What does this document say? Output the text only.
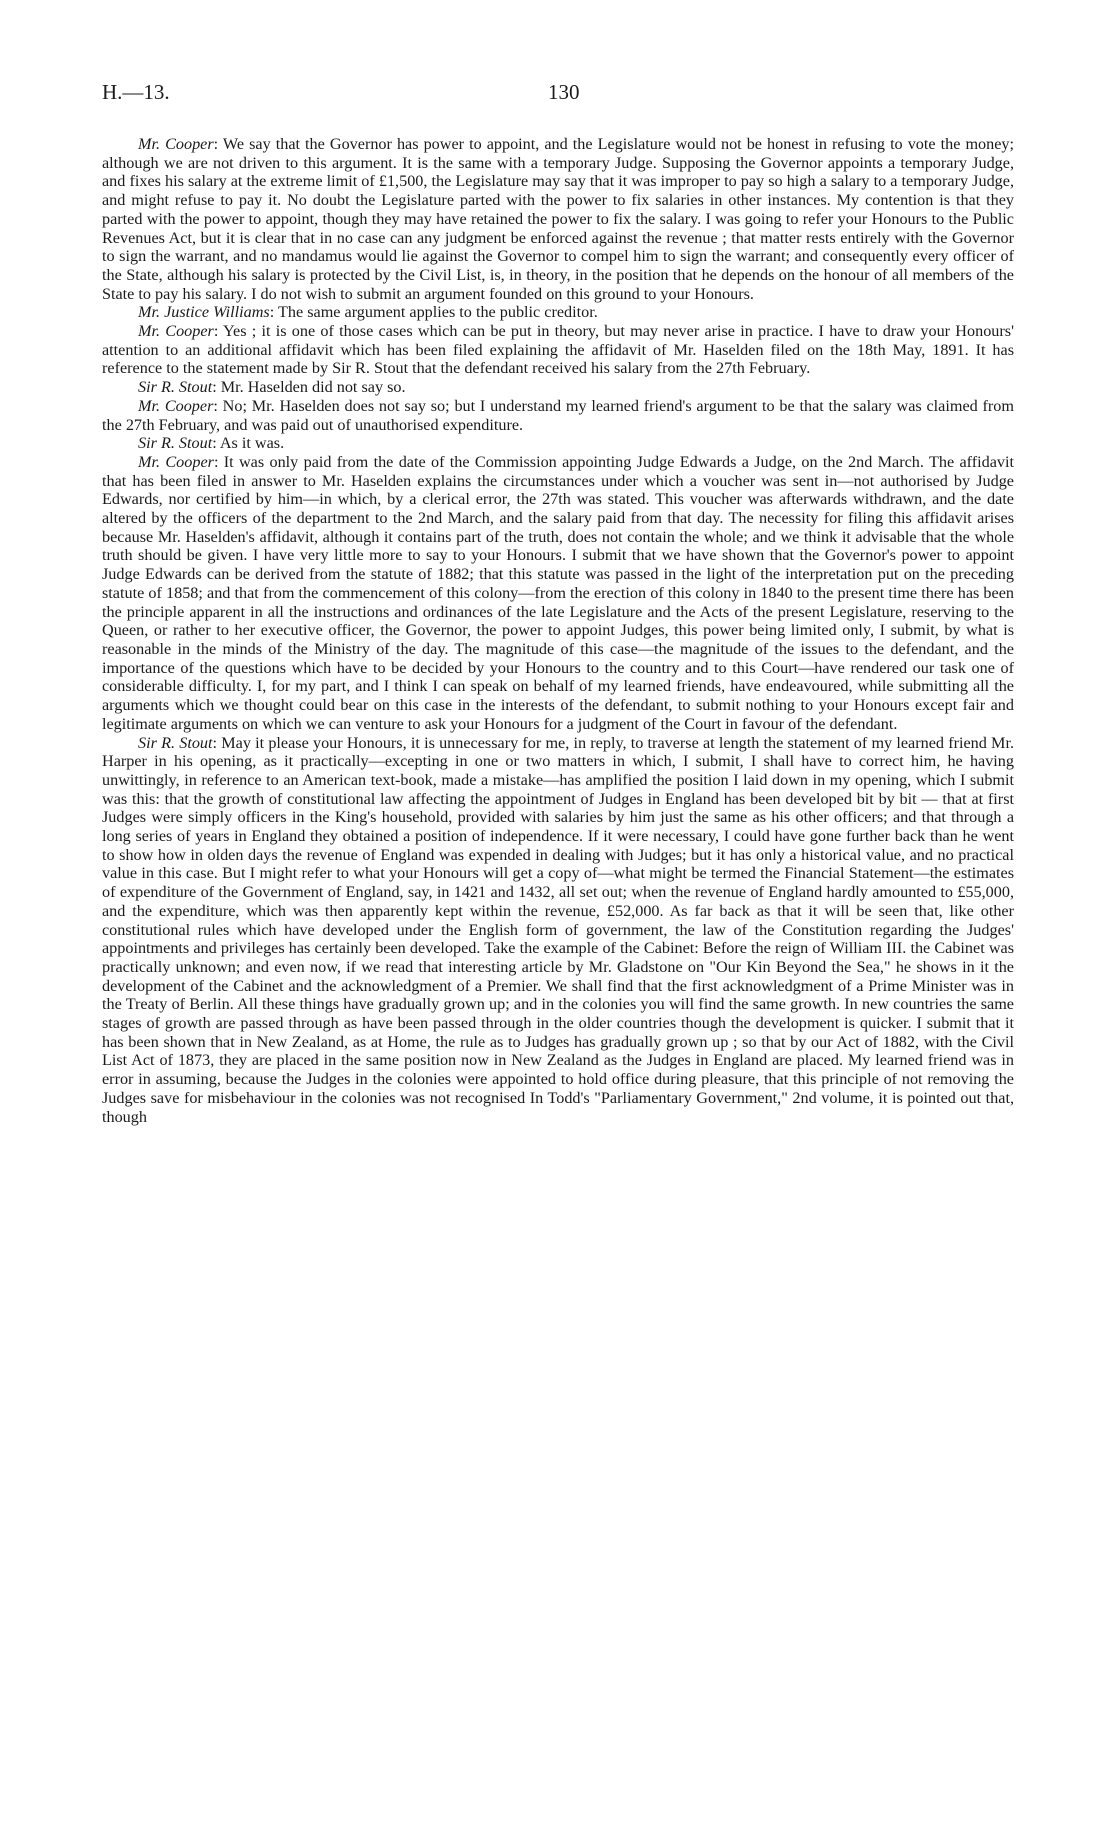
H.—13.	130

Mr. Cooper: We say that the Governor has power to appoint, and the Legislature would not be honest in refusing to vote the money; although we are not driven to this argument. It is the same with a temporary Judge. Supposing the Governor appoints a temporary Judge, and fixes his salary at the extreme limit of £1,500, the Legislature may say that it was improper to pay so high a salary to a temporary Judge, and might refuse to pay it. No doubt the Legislature parted with the power to fix salaries in other instances. My contention is that they parted with the power to appoint, though they may have retained the power to fix the salary. I was going to refer your Honours to the Public Revenues Act, but it is clear that in no case can any judgment be enforced against the revenue ; that matter rests entirely with the Governor to sign the warrant, and no mandamus would lie against the Governor to compel him to sign the warrant; and consequently every officer of the State, although his salary is protected by the Civil List, is, in theory, in the position that he depends on the honour of all members of the State to pay his salary. I do not wish to submit an argument founded on this ground to your Honours.

Mr. Justice Williams: The same argument applies to the public creditor.

Mr. Cooper: Yes ; it is one of those cases which can be put in theory, but may never arise in practice. I have to draw your Honours' attention to an additional affidavit which has been filed explaining the affidavit of Mr. Haselden filed on the 18th May, 1891. It has reference to the statement made by Sir R. Stout that the defendant received his salary from the 27th February.

Sir R. Stout: Mr. Haselden did not say so.

Mr. Cooper: No; Mr. Haselden does not say so; but I understand my learned friend's argument to be that the salary was claimed from the 27th February, and was paid out of unauthorised expenditure.

Sir R. Stout: As it was.

Mr. Cooper: It was only paid from the date of the Commission appointing Judge Edwards a Judge, on the 2nd March. The affidavit that has been filed in answer to Mr. Haselden explains the circumstances under which a voucher was sent in—not authorised by Judge Edwards, nor certified by him—in which, by a clerical error, the 27th was stated. This voucher was afterwards withdrawn, and the date altered by the officers of the department to the 2nd March, and the salary paid from that day. The necessity for filing this affidavit arises because Mr. Haselden's affidavit, although it contains part of the truth, does not contain the whole; and we think it advisable that the whole truth should be given. I have very little more to say to your Honours. I submit that we have shown that the Governor's power to appoint Judge Edwards can be derived from the statute of 1882; that this statute was passed in the light of the interpretation put on the preceding statute of 1858; and that from the commencement of this colony—from the erection of this colony in 1840 to the present time there has been the principle apparent in all the instructions and ordinances of the late Legislature and the Acts of the present Legislature, reserving to the Queen, or rather to her executive officer, the Governor, the power to appoint Judges, this power being limited only, I submit, by what is reasonable in the minds of the Ministry of the day. The magnitude of this case—the magnitude of the issues to the defendant, and the importance of the questions which have to be decided by your Honours to the country and to this Court—have rendered our task one of considerable difficulty. I, for my part, and I think I can speak on behalf of my learned friends, have endeavoured, while submitting all the arguments which we thought could bear on this case in the interests of the defendant, to submit nothing to your Honours except fair and legitimate arguments on which we can venture to ask your Honours for a judgment of the Court in favour of the defendant.

Sir R. Stout: May it please your Honours, it is unnecessary for me, in reply, to traverse at length the statement of my learned friend Mr. Harper in his opening, as it practically—excepting in one or two matters in which, I submit, I shall have to correct him, he having unwittingly, in reference to an American text-book, made a mistake—has amplified the position I laid down in my opening, which I submit was this: that the growth of constitutional law affecting the appointment of Judges in England has been developed bit by bit — that at first Judges were simply officers in the King's household, provided with salaries by him just the same as his other officers; and that through a long series of years in England they obtained a position of independence. If it were necessary, I could have gone further back than he went to show how in olden days the revenue of England was expended in dealing with Judges; but it has only a historical value, and no practical value in this case. But I might refer to what your Honours will get a copy of—what might be termed the Financial Statement—the estimates of expenditure of the Government of England, say, in 1421 and 1432, all set out; when the revenue of England hardly amounted to £55,000, and the expenditure, which was then apparently kept within the revenue, £52,000. As far back as that it will be seen that, like other constitutional rules which have developed under the English form of government, the law of the Constitution regarding the Judges' appointments and privileges has certainly been developed. Take the example of the Cabinet: Before the reign of William III. the Cabinet was practically unknown; and even now, if we read that interesting article by Mr. Gladstone on "Our Kin Beyond the Sea," he shows in it the development of the Cabinet and the acknowledgment of a Premier. We shall find that the first acknowledgment of a Prime Minister was in the Treaty of Berlin. All these things have gradually grown up; and in the colonies you will find the same growth. In new countries the same stages of growth are passed through as have been passed through in the older countries though the development is quicker. I submit that it has been shown that in New Zealand, as at Home, the rule as to Judges has gradually grown up ; so that by our Act of 1882, with the Civil List Act of 1873, they are placed in the same position now in New Zealand as the Judges in England are placed. My learned friend was in error in assuming, because the Judges in the colonies were appointed to hold office during pleasure, that this principle of not removing the Judges save for misbehaviour in the colonies was not recognised In Todd's "Parliamentary Government," 2nd volume, it is pointed out that, though
